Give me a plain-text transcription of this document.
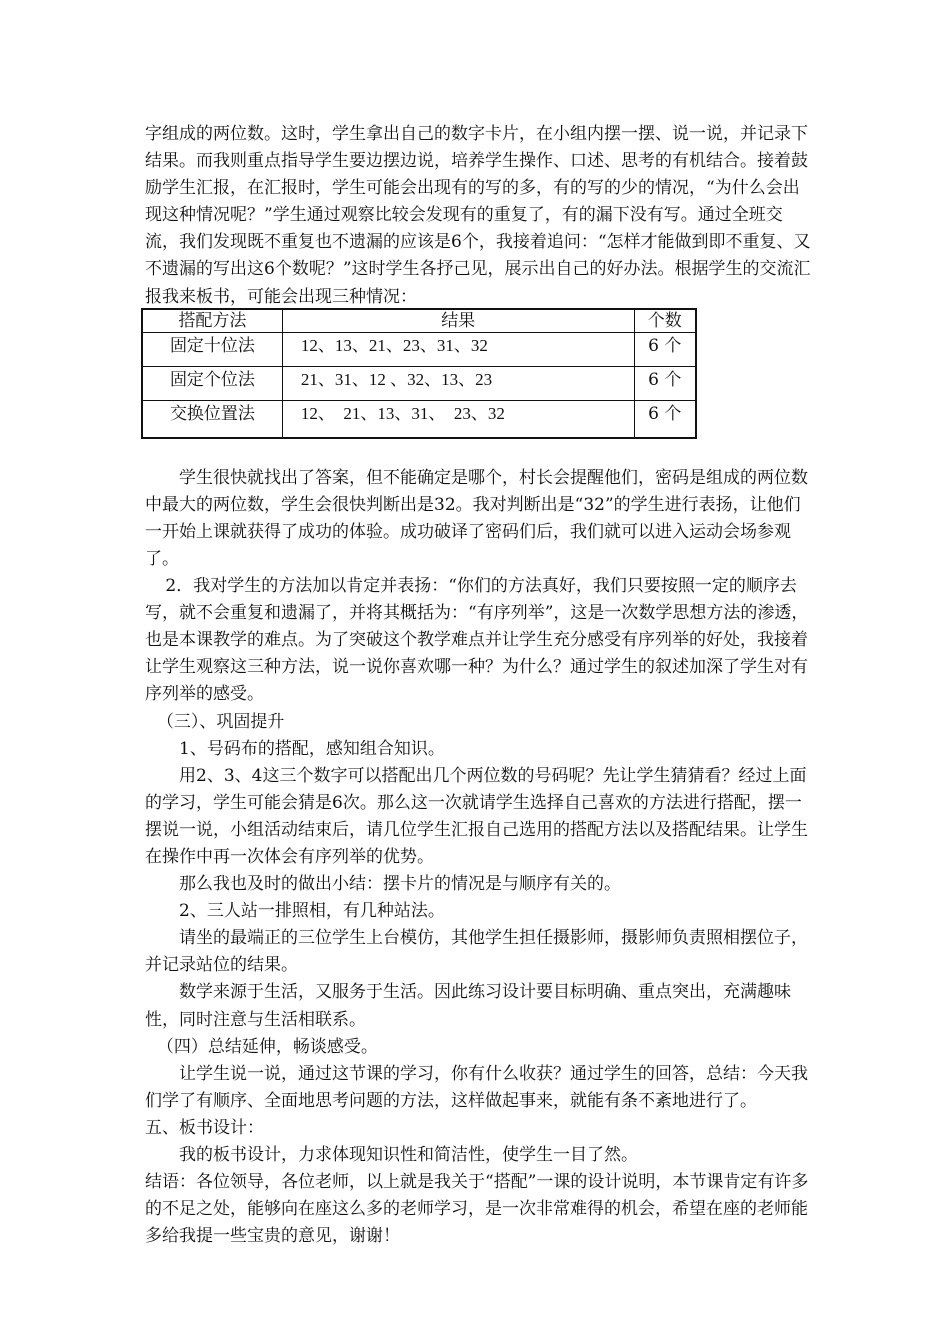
字组成的两位数。这时，学生拿出自己的数字卡片，在小组内摆一摆、说一说，并记录下结果。而我则重点指导学生要边摆边说，培养学生操作、口述、思考的有机结合。接着鼓励学生汇报，在汇报时，学生可能会出现有的写的多，有的写的少的情况，“为什么会出现这种情况呢？”学生通过观察比较会发现有的重复了，有的漏下没有写。通过全班交流，我们发现既不重复也不遗漏的应该是6个，我接着追问：“怎样才能做到即不重复、又不遗漏的写出这6个数呢？”这时学生各抒己见，展示出自己的好办法。根据学生的交流汇报我来板书，可能会出现三种情况：

搭配方法	结果	个数
固定十位法	12、13、21、23、31、32	6 个
固定个位法	21、31、12 、32、13、23	6 个
交换位置法	12、  21、13、31、  23、32	6 个

学生很快就找出了答案，但不能确定是哪个，村长会提醒他们，密码是组成的两位数中最大的两位数，学生会很快判断出是32。我对判断出是“32”的学生进行表扬，让他们一开始上课就获得了成功的体验。成功破译了密码们后，我们就可以进入运动会场参观了。

2．我对学生的方法加以肯定并表扬：“你们的方法真好，我们只要按照一定的顺序去写，就不会重复和遗漏了，并将其概括为：“有序列举”，这是一次数学思想方法的渗透，也是本课教学的难点。为了突破这个教学难点并让学生充分感受有序列举的好处，我接着让学生观察这三种方法，说一说你喜欢哪一种？为什么？通过学生的叙述加深了学生对有序列举的感受。

（三）、巩固提升

1、号码布的搭配，感知组合知识。

用2、3、4这三个数字可以搭配出几个两位数的号码呢？先让学生猜猜看？经过上面的学习，学生可能会猜是6次。那么这一次就请学生选择自己喜欢的方法进行搭配，摆一摆说一说，小组活动结束后，请几位学生汇报自己选用的搭配方法以及搭配结果。让学生在操作中再一次体会有序列举的优势。

那么我也及时的做出小结：摆卡片的情况是与顺序有关的。

2、三人站一排照相，有几种站法。

请坐的最端正的三位学生上台模仿，其他学生担任摄影师，摄影师负责照相摆位子，并记录站位的结果。

数学来源于生活，又服务于生活。因此练习设计要目标明确、重点突出，充满趣味性，同时注意与生活相联系。

（四）总结延伸，畅谈感受。

让学生说一说，通过这节课的学习，你有什么收获？通过学生的回答，总结：今天我们学了有顺序、全面地思考问题的方法，这样做起事来，就能有条不紊地进行了。

五、板书设计：

我的板书设计，力求体现知识性和简洁性，使学生一目了然。

结语：各位领导，各位老师，以上就是我关于“搭配”一课的设计说明，本节课肯定有许多的不足之处，能够向在座这么多的老师学习，是一次非常难得的机会，希望在座的老师能多给我提一些宝贵的意见，谢谢！
